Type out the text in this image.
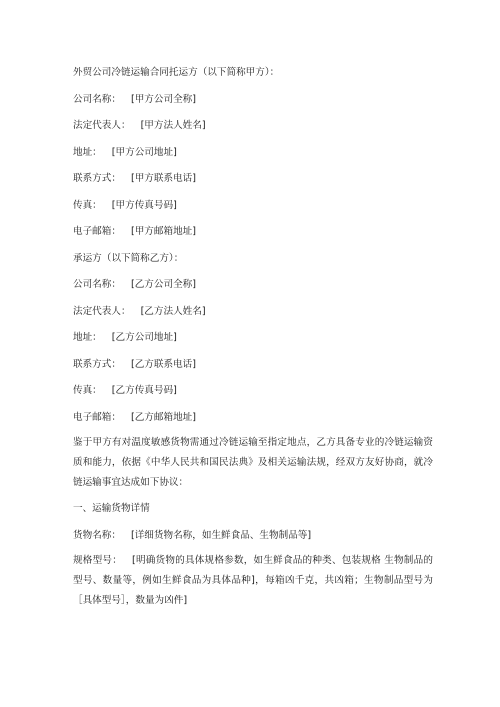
外贸公司冷链运输合同托运方（以下简称甲方）：
公司名称： [甲方公司全称]
法定代表人： [甲方法人姓名]
地址： [甲方公司地址]
联系方式： [甲方联系电话]
传真： [甲方传真号码]
电子邮箱： [甲方邮箱地址]
承运方（以下简称乙方）：
公司名称： [乙方公司全称]
法定代表人： [乙方法人姓名]
地址： [乙方公司地址]
联系方式： [乙方联系电话]
传真： [乙方传真号码]
电子邮箱： [乙方邮箱地址]
鉴于甲方有对温度敏感货物需通过冷链运输至指定地点，乙方具备专业的冷链运输资质和能力，依据《中华人民共和国民法典》及相关运输法规，经双方友好协商，就冷链运输事宜达成如下协议：
一、运输货物详情
货物名称： [详细货物名称，如生鲜食品、生物制品等]
规格型号： [明确货物的具体规格参数，如生鲜食品的种类、包装规格 生物制品的型号、数量等，例如生鲜食品为具体品种]，每箱凶千克，共凶箱；生物制品型号为［具体型号］，数量为凶件]
